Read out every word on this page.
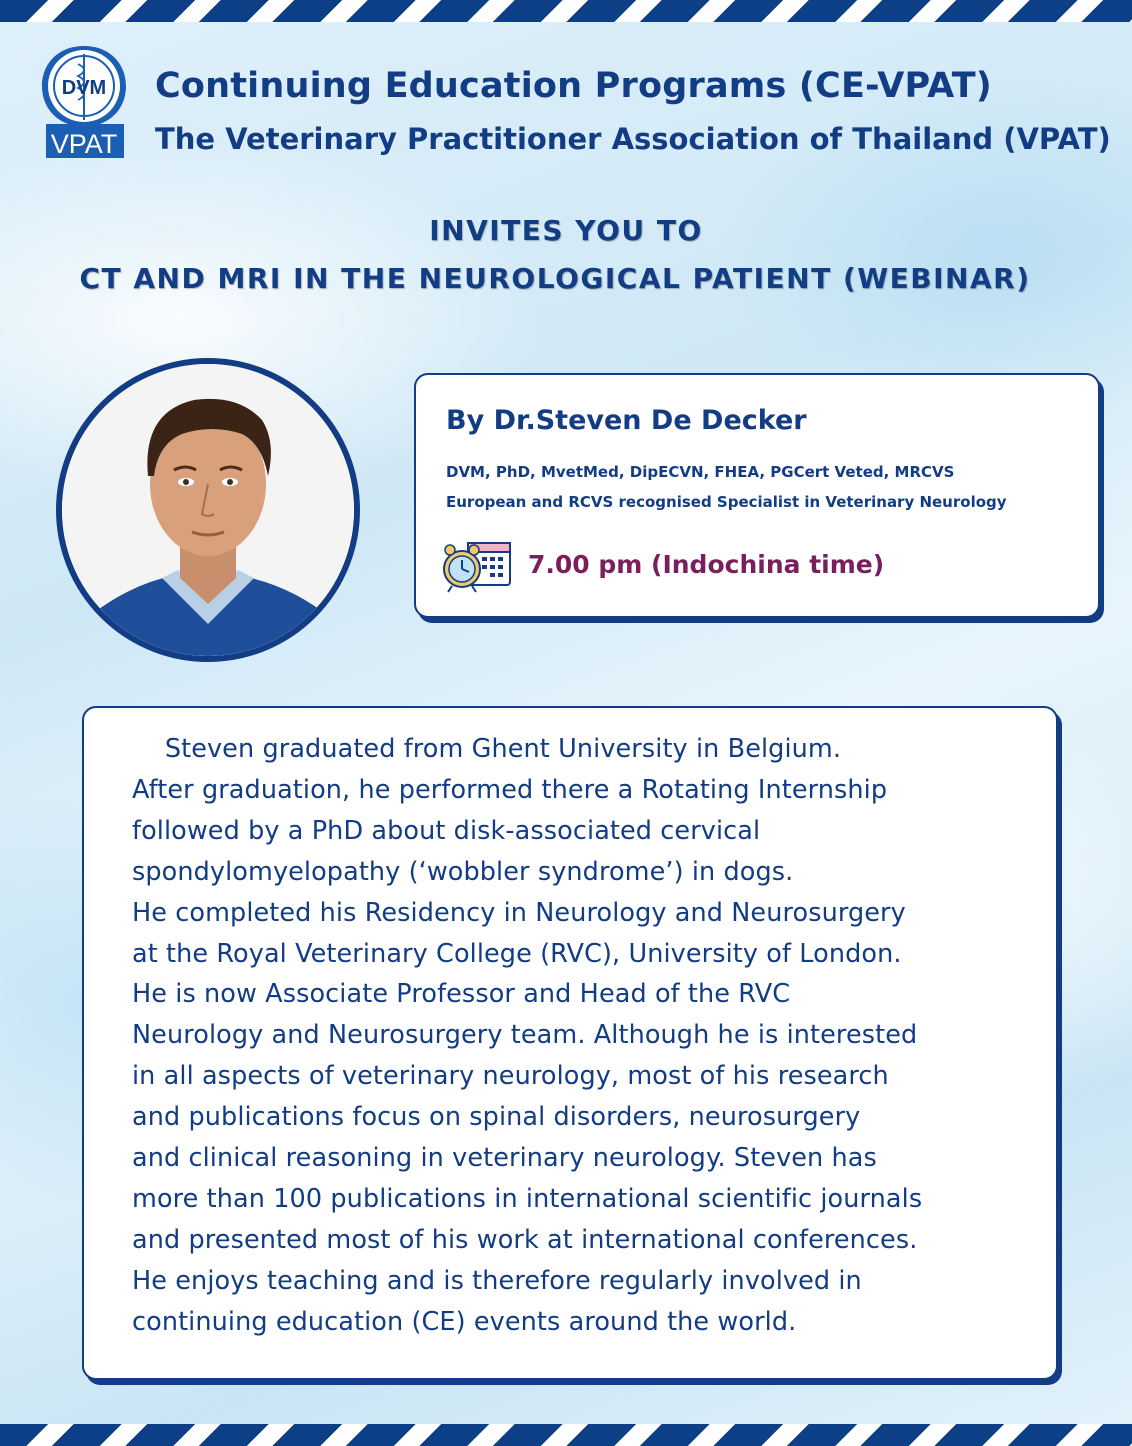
DVM
VPAT
Continuing Education Programs (CE-VPAT)
The Veterinary Practitioner Association of Thailand (VPAT)
INVITES YOU TO
CT AND MRI IN THE NEUROLOGICAL PATIENT (WEBINAR)
By Dr.Steven De Decker
DVM, PhD, MvetMed, DipECVN, FHEA, PGCert Veted, MRCVS
European and RCVS recognised Specialist in Veterinary Neurology
7.00 pm (Indochina time)
Steven graduated from Ghent University in Belgium.
After graduation, he performed there a Rotating Internship
followed by a PhD about disk-associated cervical
spondylomyelopathy (‘wobbler syndrome’) in dogs.
He completed his Residency in Neurology and Neurosurgery
at the Royal Veterinary College (RVC), University of London.
He is now Associate Professor and Head of the RVC
Neurology and Neurosurgery team. Although he is interested
in all aspects of veterinary neurology, most of his research
and publications focus on spinal disorders, neurosurgery
and clinical reasoning in veterinary neurology. Steven has
more than 100 publications in international scientific journals
and presented most of his work at international conferences.
He enjoys teaching and is therefore regularly involved in
continuing education (CE) events around the world.
